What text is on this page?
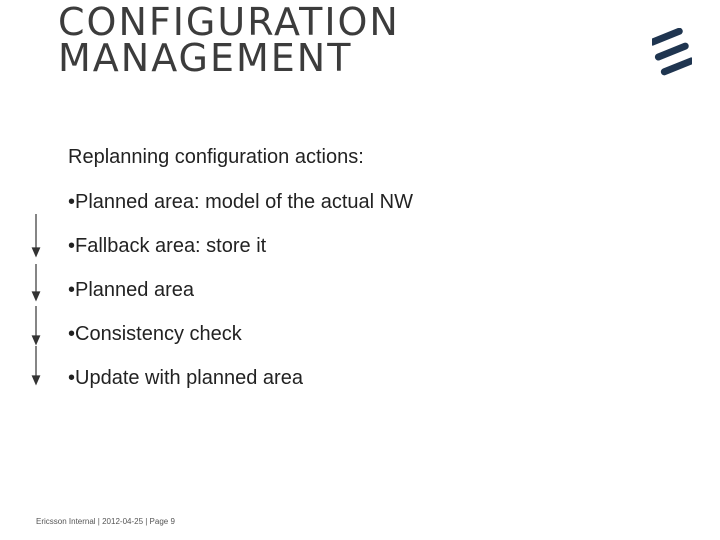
CONFIGURATION
MANAGEMENT
Replanning configuration actions:
•Planned area: model of the actual NW
•Fallback area: store it
•Planned area
•Consistency check
•Update with planned area
Ericsson Internal | 2012-04-25 | Page 9
